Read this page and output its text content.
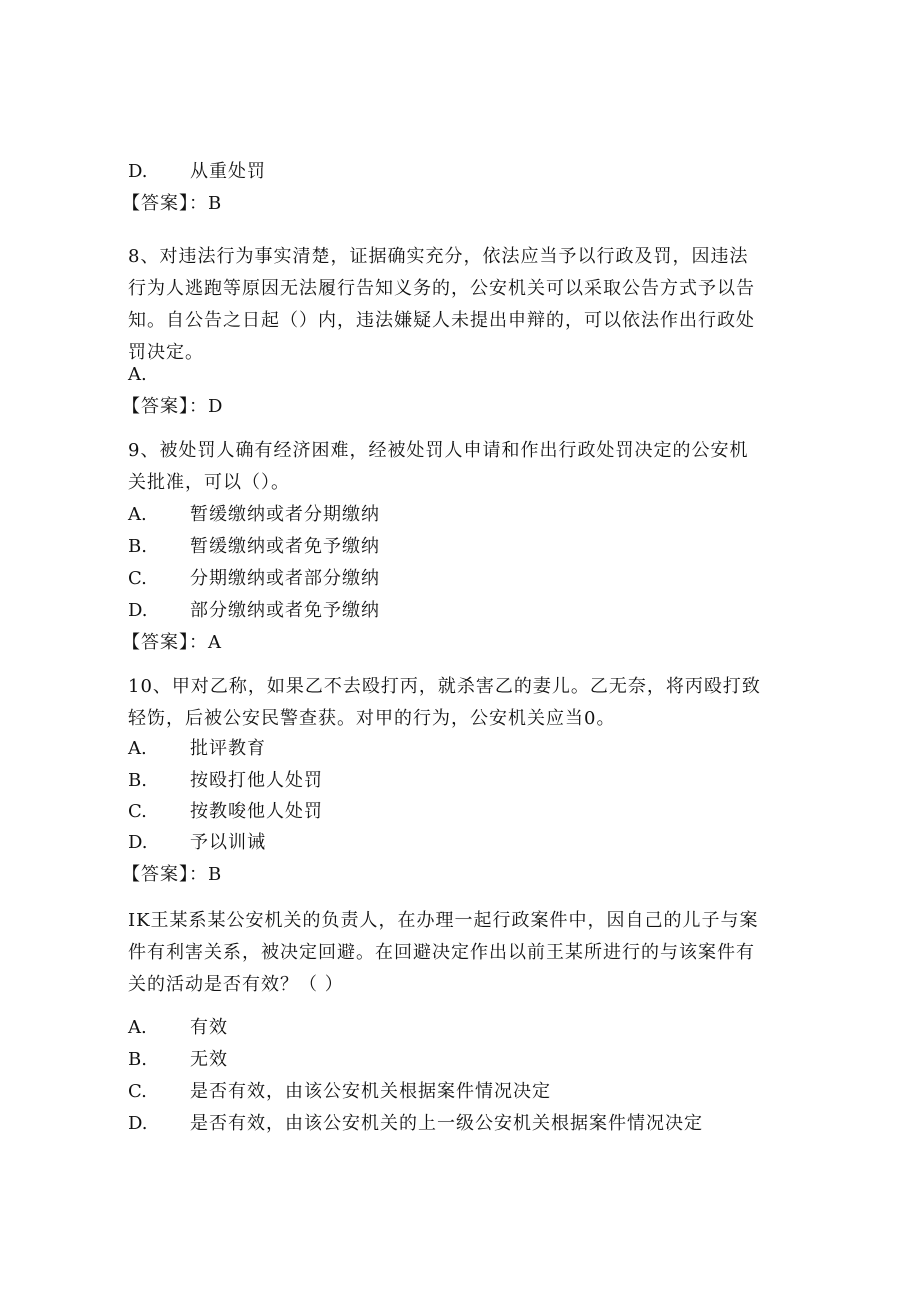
D. 从重处罚
【答案】：B
8、对违法行为事实清楚，证据确实充分，依法应当予以行政及罚，因违法
行为人逃跑等原因无法履行告知义务的，公安机关可以采取公告方式予以告
知。自公告之日起（）内，违法嫌疑人未提出申辩的，可以依法作出行政处
罚决定。
A.
【答案】：D
9、被处罚人确有经济困难，经被处罚人申请和作出行政处罚决定的公安机
关批准，可以（）。
A. 暂缓缴纳或者分期缴纳
B. 暂缓缴纳或者免予缴纳
C. 分期缴纳或者部分缴纳
D. 部分缴纳或者免予缴纳
【答案】：A
10、甲对乙称，如果乙不去殴打丙，就杀害乙的妻儿。乙无奈，将丙殴打致
轻饬，后被公安民警查获。对甲的行为，公安机关应当0。
A. 批评教育
B. 按殴打他人处罚
C. 按教唆他人处罚
D. 予以训诫
【答案】：B
IK王某系某公安机关的负责人，在办理一起行政案件中，因自己的儿子与案
件有利害关系，被决定回避。在回避决定作出以前王某所进行的与该案件有
关的活动是否有效？（ ）
A. 有效
B. 无效
C. 是否有效，由该公安机关根据案件情况决定
D. 是否有效，由该公安机关的上一级公安机关根据案件情况决定
